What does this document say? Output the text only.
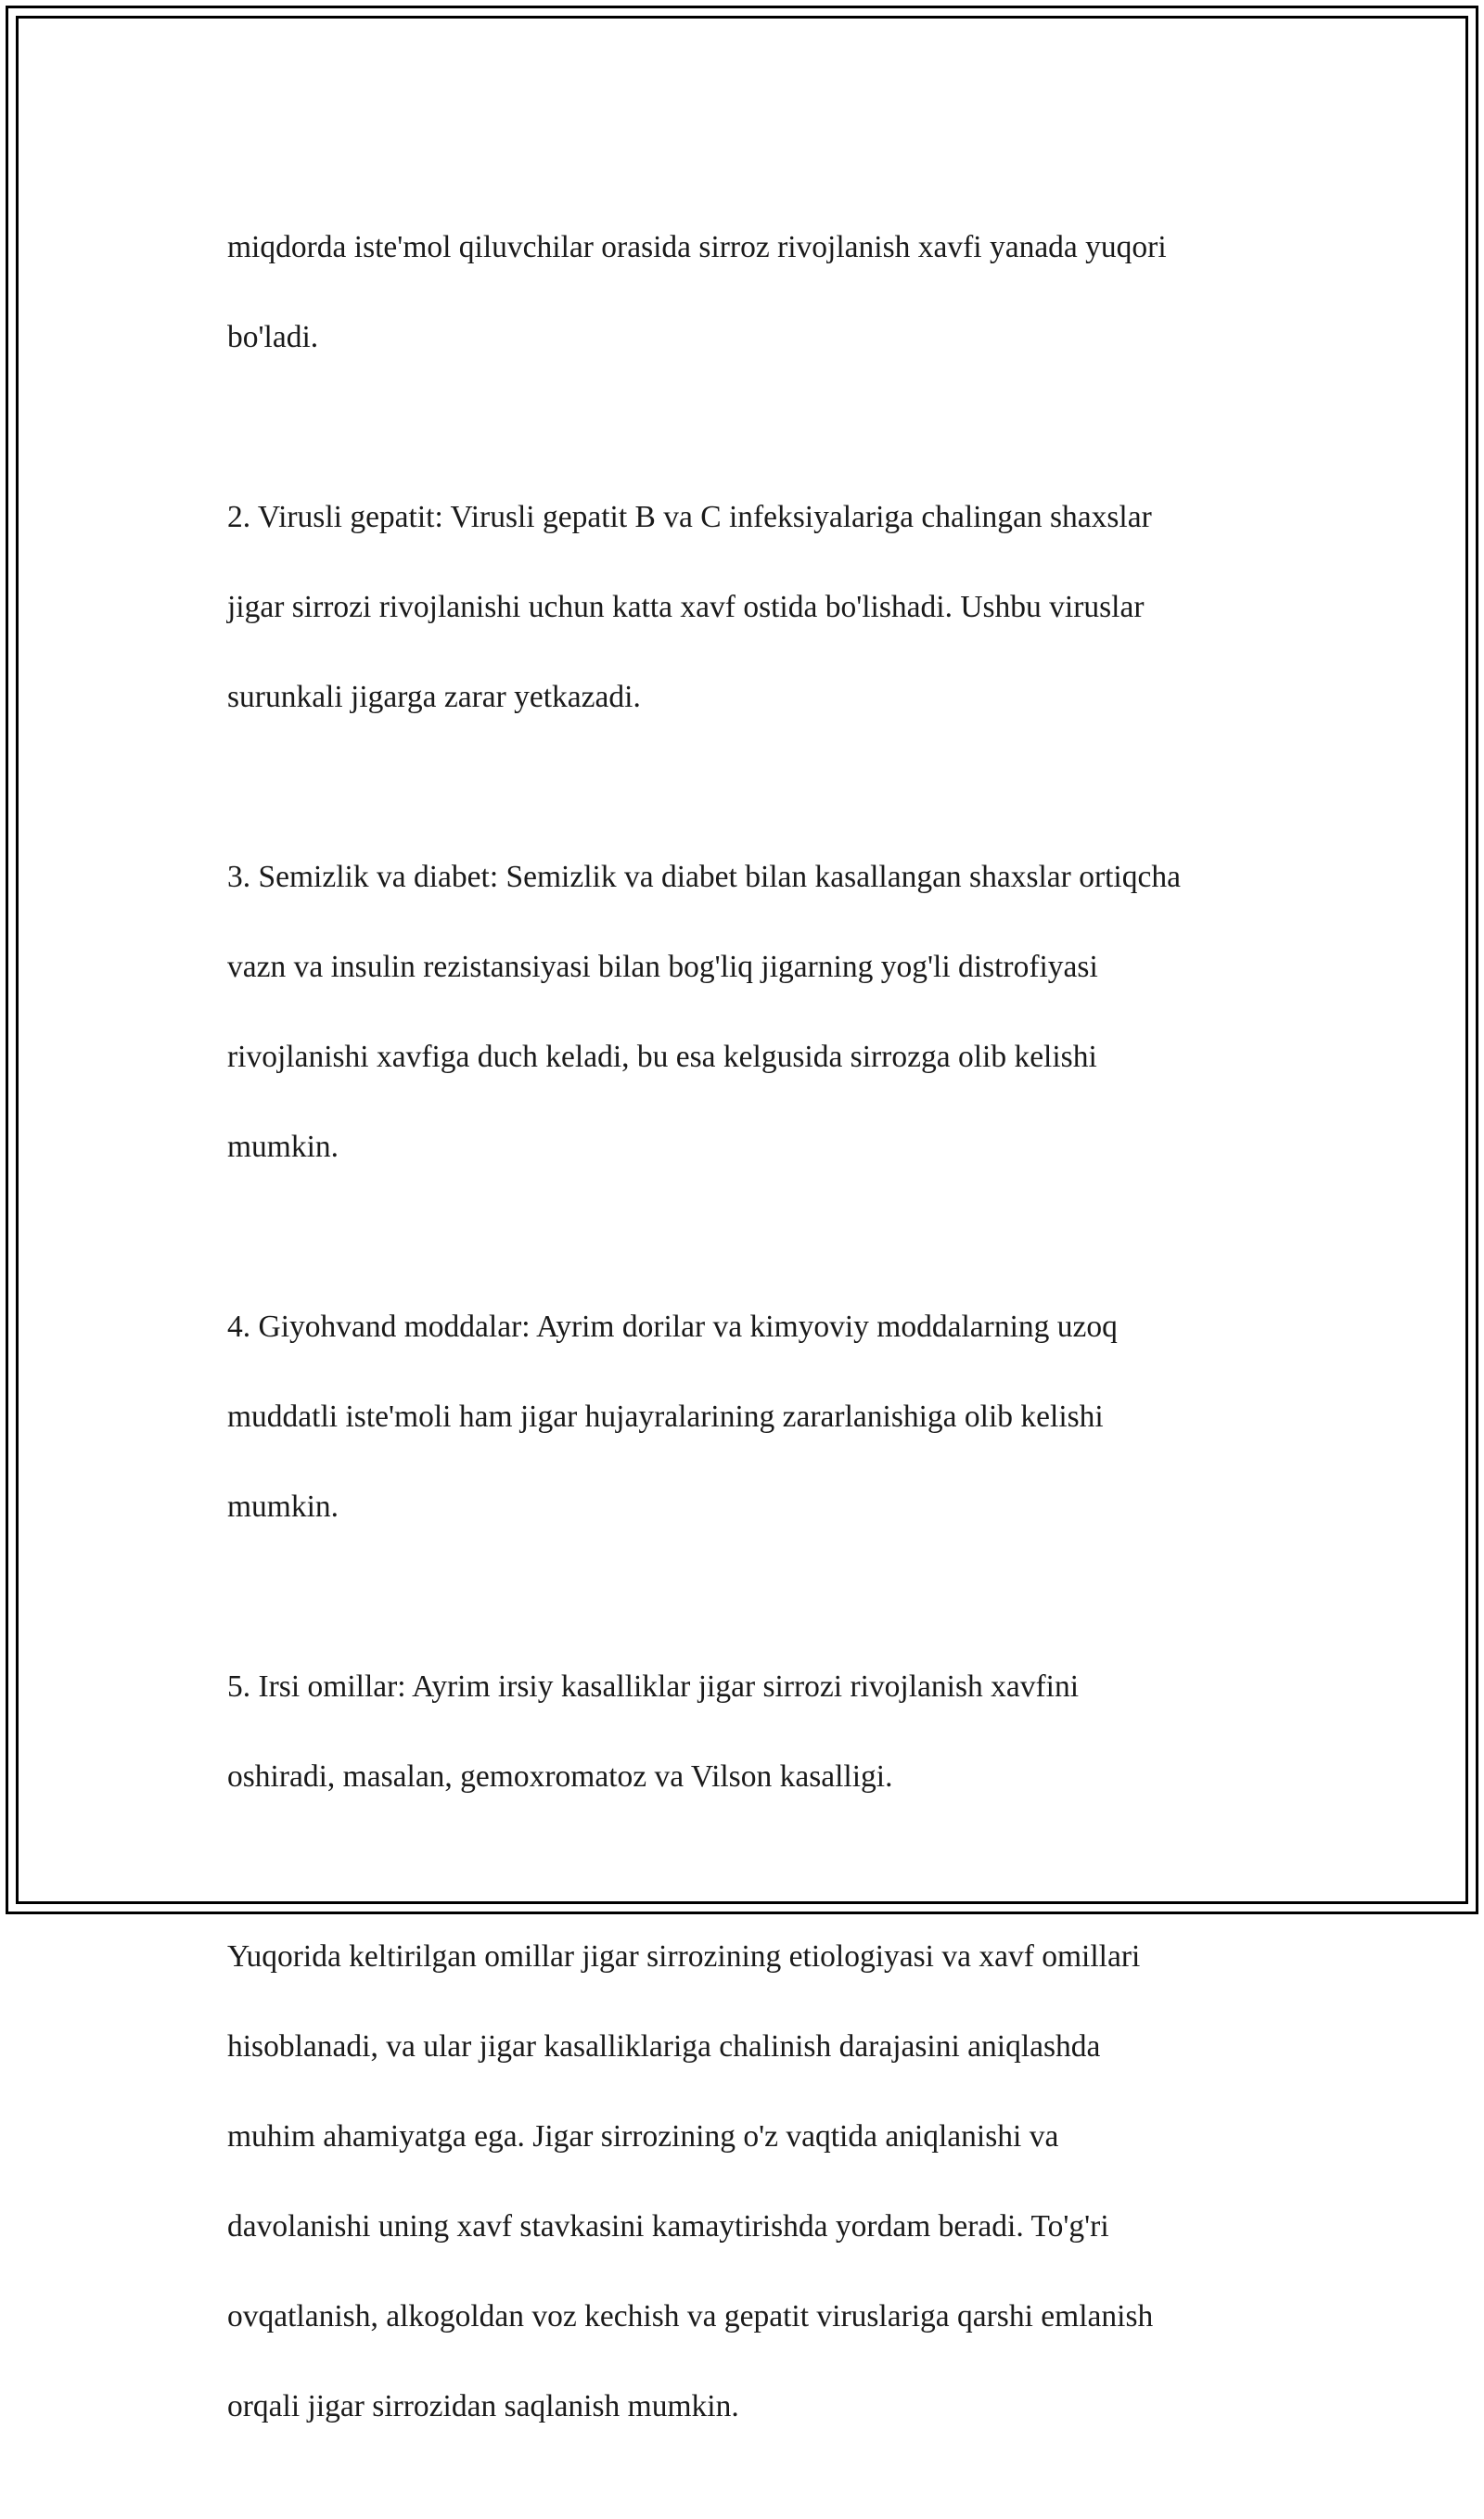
miqdorda iste'mol qiluvchilar orasida sirroz rivojlanish xavfi yanada yuqori

bo'ladi.

2. Virusli gepatit: Virusli gepatit B va C infeksiyalariga chalingan shaxslar

jigar sirrozi rivojlanishi uchun katta xavf ostida bo'lishadi. Ushbu viruslar

surunkali jigarga zarar yetkazadi.

3. Semizlik va diabet: Semizlik va diabet bilan kasallangan shaxslar ortiqcha

vazn va insulin rezistansiyasi bilan bog'liq jigarning yog'li distrofiyasi

rivojlanishi xavfiga duch keladi, bu esa kelgusida sirrozga olib kelishi

mumkin.

4. Giyohvand moddalar: Ayrim dorilar va kimyoviy moddalarning uzoq

muddatli iste'moli ham jigar hujayralarining zararlanishiga olib kelishi

mumkin.

5. Irsi omillar: Ayrim irsiy kasalliklar jigar sirrozi rivojlanish xavfini

oshiradi, masalan, gemoxromatoz va Vilson kasalligi.

Yuqorida keltirilgan omillar jigar sirrozining etiologiyasi va xavf omillari

hisoblanadi, va ular jigar kasalliklariga chalinish darajasini aniqlashda

muhim ahamiyatga ega. Jigar sirrozining o'z vaqtida aniqlanishi va

davolanishi uning xavf stavkasini kamaytirishda yordam beradi. To'g'ri

ovqatlanish, alkogoldan voz kechish va gepatit viruslariga qarshi emlanish

orqali jigar sirrozidan saqlanish mumkin.
